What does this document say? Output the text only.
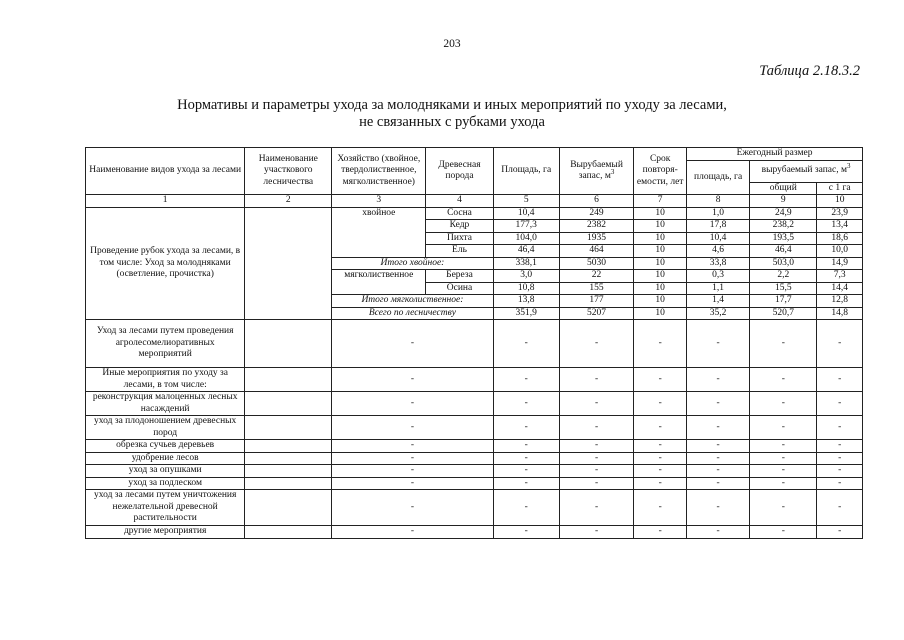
203
Таблица 2.18.3.2
Нормативы и параметры ухода за молодняками и иных мероприятий по уходу за лесами,
не связанных с рубками ухода
Наименование видов ухода за лесами	Наименование участкового лесничества	Хозяйство (хвойное, твердолиственное, мягколиственное)	Древесная порода	Площадь, га	Вырубаемый запас, $м^3$	Срок повторя-емости, лет	Ежегодный размер		
							площадь, га	вырубаемый запас, $м^3$
								общий	с 1 га
1	2	3	4	5	6	7	8	9	10
Проведение рубок ухода за лесами, в том числе: Уход за молодняками (осветление, прочистка)		хвойное	Сосна	10,4	249	10	1,0	24,9	23,9
			Кедр	177,3	2382	10	17,8	238,2	13,4
			Пихта	104,0	1935	10	10,4	193,5	18,6
			Ель	46,4	464	10	4,6	46,4	10,0
		Итого хвойное:		338,1	5030	10	33,8	503,0	14,9
		мягколиственное	Береза	3,0	22	10	0,3	2,2	7,3
			Осина	10,8	155	10	1,1	15,5	14,4
		Итого мягколиственное:		13,8	177	10	1,4	17,7	12,8
		Всего по лесничеству		351,9	5207	10	35,2	520,7	14,8
Уход за лесами путем проведения агролесомелиоративных мероприятий		-		-	-	-	-	-	-
Иные мероприятия по уходу за лесами, в том числе:		-		-	-	-	-	-	-
реконструкция малоценных лесных насаждений		-		-	-	-	-	-	-
уход за плодоношением древесных пород		-		-	-	-	-	-	-
обрезка сучьев деревьев		-		-	-	-	-	-	-
удобрение лесов		-		-	-	-	-	-	-
уход за опушками		-		-	-	-	-	-	-
уход за подлеском		-		-	-	-	-	-	-
уход за лесами путем уничтожения нежелательной древесной растительности		-		-	-	-	-	-	-
другие мероприятия		-		-	-	-	-	-	-
